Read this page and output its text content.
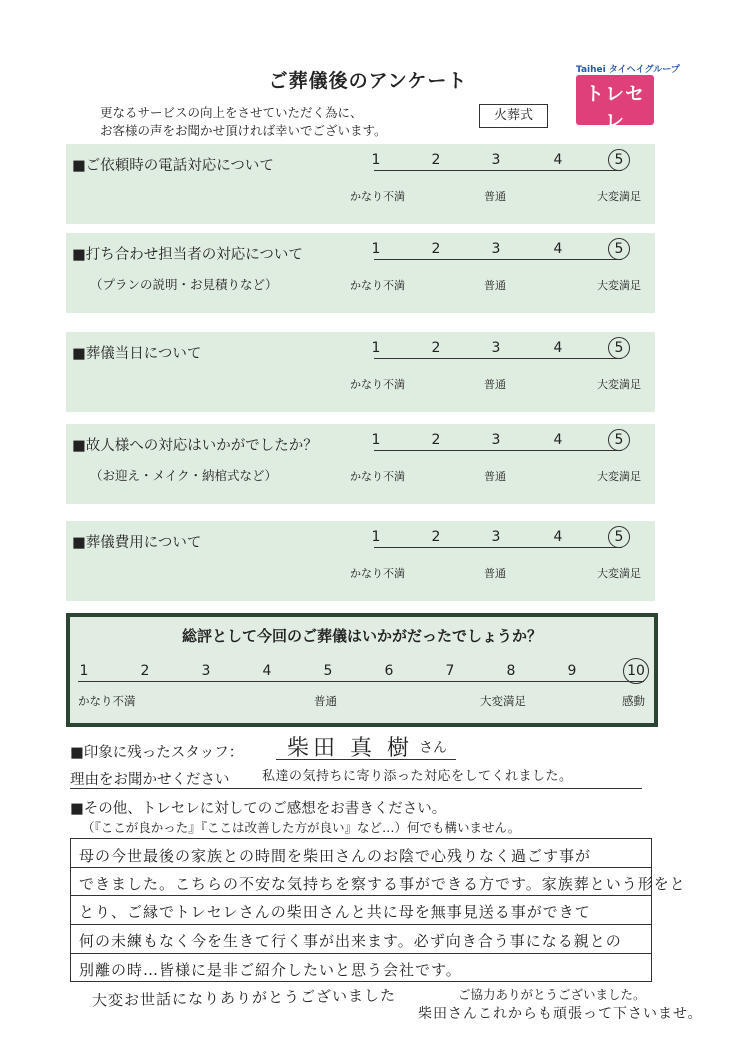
ご葬儀後のアンケート
更なるサービスの向上をさせていただく為に、
お客様の声をお聞かせ頂ければ幸いでございます。
火葬式
Taihei タイヘイグループ
トレセレ
■ご依頼時の電話対応について	1	2	3	4	5
かなり不満	普通	大変満足
■打ち合わせ担当者の対応について
（プランの説明・お見積りなど）
1	2	3	4	5
かなり不満	普通	大変満足
■葬儀当日について	1	2	3	4	5
かなり不満	普通	大変満足
■故人様への対応はいかがでしたか？
（お迎え・メイク・納棺式など）
1	2	3	4	5
かなり不満	普通	大変満足
■葬儀費用について	1	2	3	4	5
かなり不満	普通	大変満足
総評として今回のご葬儀はいかがだったでしょうか？
1	2	3	4	5	6	7	8	9	10
かなり不満	普通	大変満足	感動
■印象に残ったスタッフ： 柴田 真 樹 さん
理由をお聞かせください	私達の気持ちに寄り添った対応をしてくれました。
■その他、トレセレに対してのご感想をお書きください。
（『ここが良かった』『ここは改善した方が良い』など…）何でも構いません。
母の今世最後の家族との時間を柴田さんのお陰で心残りなく過ごす事が
できました。こちらの不安な気持ちを察する事ができる方です。家族葬という形をと
とり、ご縁でトレセレさんの柴田さんと共に母を無事見送る事ができて
何の未練もなく今を生きて行く事が出来ます。必ず向き合う事になる親との
別離の時…皆様に是非ご紹介したいと思う会社です。
大変お世話になりありがとうございました	ご協力ありがとうございました。
柴田さんこれからも頑張って下さいませ。
